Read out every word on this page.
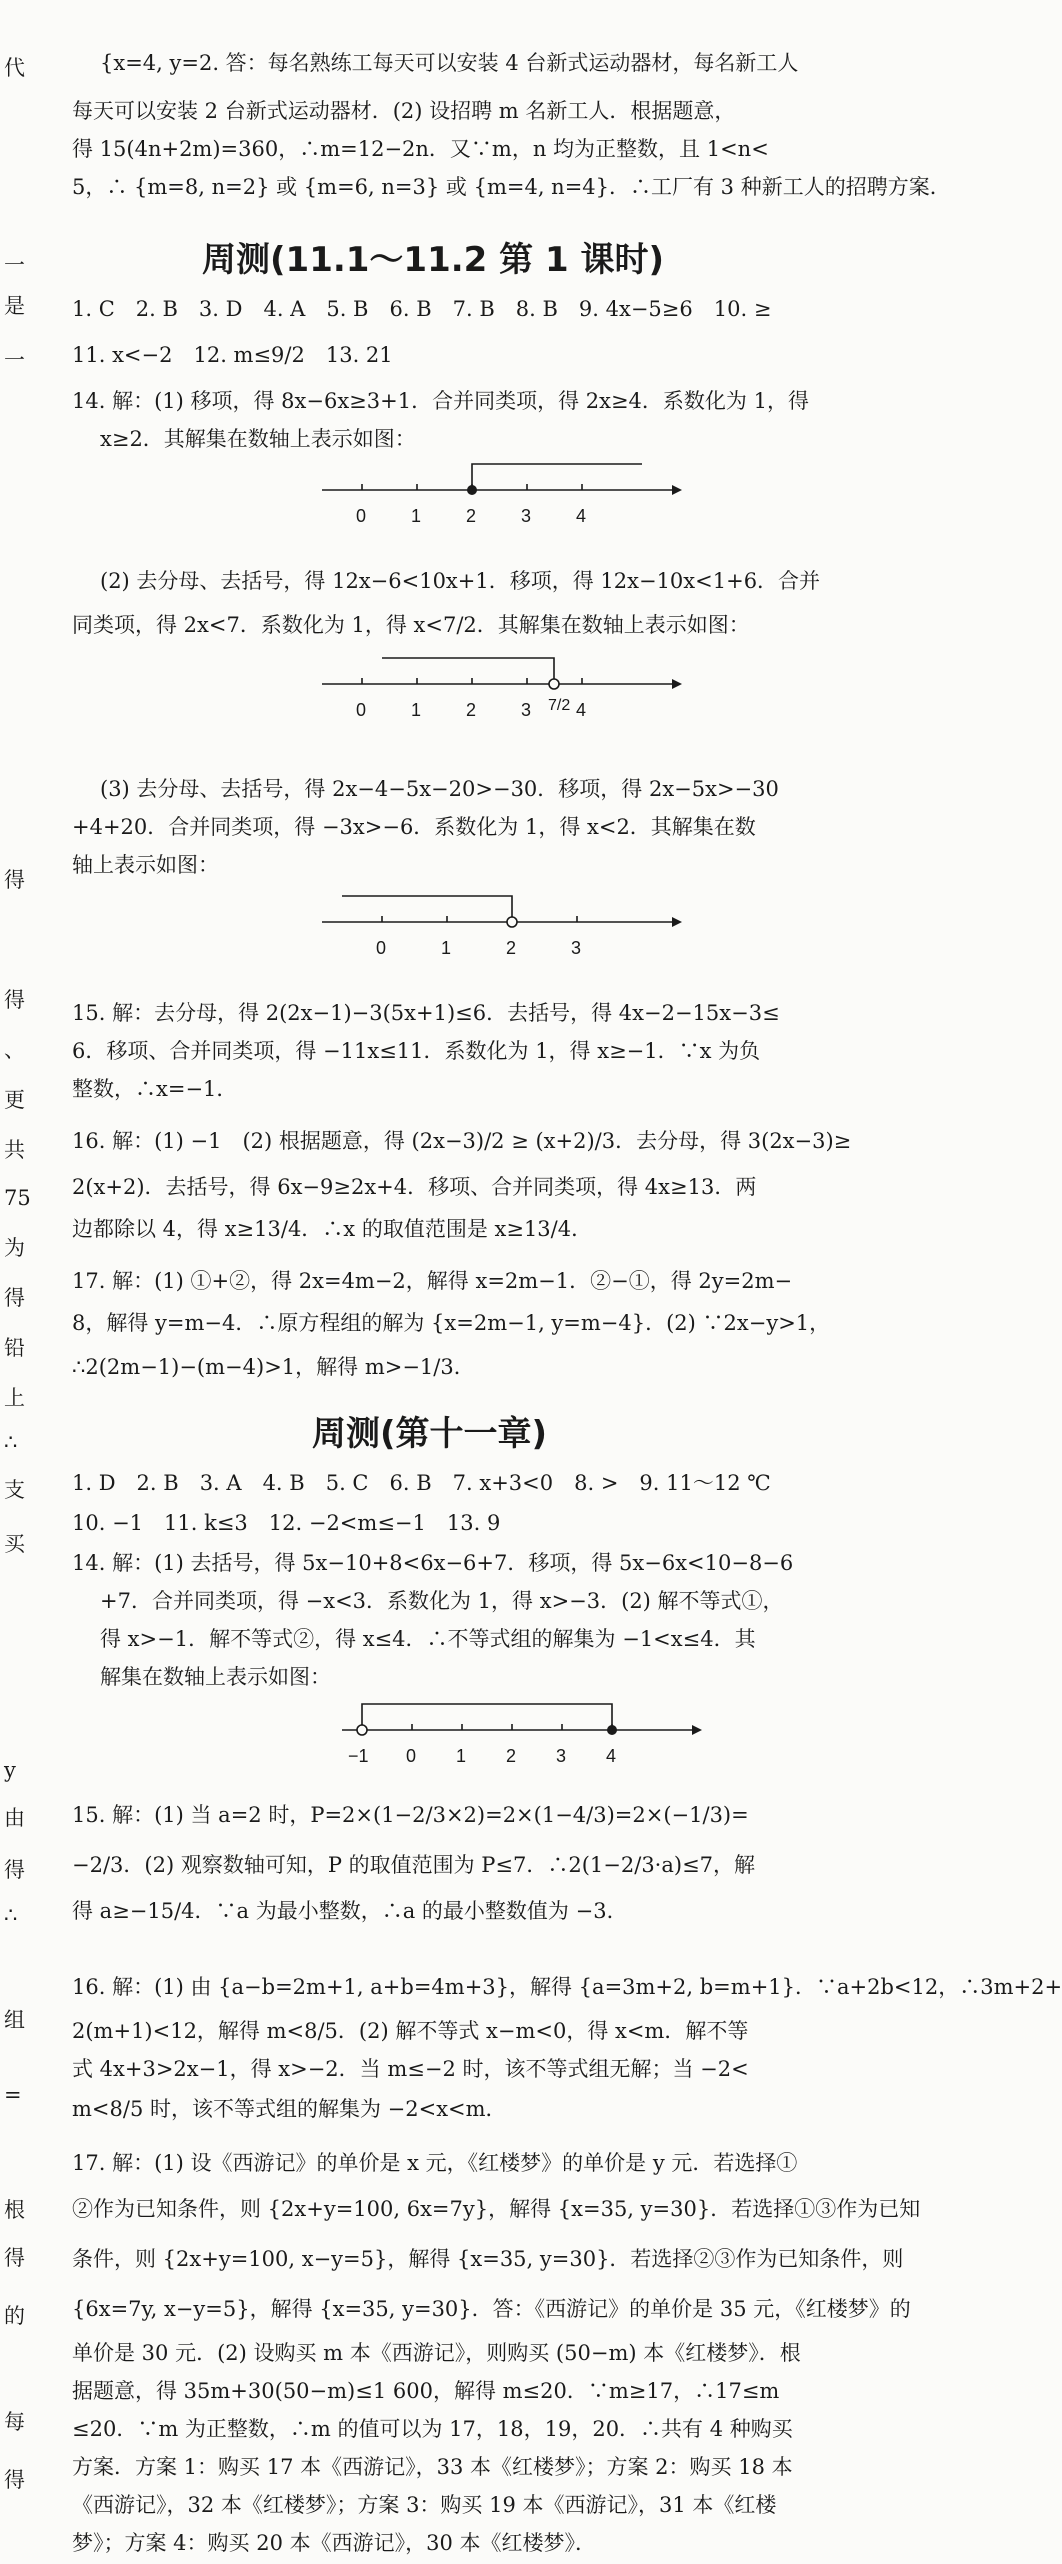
代
一
是
一
得
得
、
更
共
75
为
得
铅
上
∴
支
买
y
由
得
∴
组
=
根
得
的
每
得
{x=4, y=2. 答：每名熟练工每天可以安装 4 台新式运动器材，每名新工人
每天可以安装 2 台新式运动器材．(2) 设招聘 m 名新工人．根据题意，
得 15(4n+2m)=360，∴m=12−2n．又∵m，n 均为正整数，且 1<n<
5，∴ {m=8, n=2} 或 {m=6, n=3} 或 {m=4, n=4}．∴工厂有 3 种新工人的招聘方案．
周测(11.1～11.2 第 1 课时)
1. C　2. B　3. D　4. A　5. B　6. B　7. B　8. B　9. 4x−5≥6　10. ≥
11. x<−2　12. m≤9/2　13. 21
14. 解：(1) 移项，得 8x−6x≥3+1．合并同类项，得 2x≥4．系数化为 1，得
x≥2．其解集在数轴上表示如图：
0 1 2 3 4
(2) 去分母、去括号，得 12x−6<10x+1．移项，得 12x−10x<1+6．合并
同类项，得 2x<7．系数化为 1，得 x<7/2．其解集在数轴上表示如图：
0 1 2 3 7/2 4
(3) 去分母、去括号，得 2x−4−5x−20>−30．移项，得 2x−5x>−30
+4+20．合并同类项，得 −3x>−6．系数化为 1，得 x<2．其解集在数
轴上表示如图：
0	1	2	3
15. 解：去分母，得 2(2x−1)−3(5x+1)≤6．去括号，得 4x−2−15x−3≤
6．移项、合并同类项，得 −11x≤11．系数化为 1，得 x≥−1．∵x 为负
整数，∴x=−1．
16. 解：(1) −1　(2) 根据题意，得 (2x−3)/2 ≥ (x+2)/3．去分母，得 3(2x−3)≥
2(x+2)．去括号，得 6x−9≥2x+4．移项、合并同类项，得 4x≥13．两
边都除以 4，得 x≥13/4．∴x 的取值范围是 x≥13/4．
17. 解：(1) ①+②，得 2x=4m−2，解得 x=2m−1．②−①，得 2y=2m−
8，解得 y=m−4．∴原方程组的解为 {x=2m−1, y=m−4}．(2) ∵2x−y>1，
∴2(2m−1)−(m−4)>1，解得 m>−1/3．
周测(第十一章)
1. D　2. B　3. A　4. B　5. C　6. B　7. x+3<0　8. >　9. 11～12 ℃
10. −1　11. k≤3　12. −2<m≤−1　13. 9
14. 解：(1) 去括号，得 5x−10+8<6x−6+7．移项，得 5x−6x<10−8−6
+7．合并同类项，得 −x<3．系数化为 1，得 x>−3．(2) 解不等式①，
得 x>−1．解不等式②，得 x≤4．∴不等式组的解集为 −1<x≤4．其
解集在数轴上表示如图：
−1 0 1 2 3 4
15. 解：(1) 当 a=2 时，P=2×(1−2/3×2)=2×(1−4/3)=2×(−1/3)=
−2/3．(2) 观察数轴可知，P 的取值范围为 P≤7．∴2(1−2/3·a)≤7，解
得 a≥−15/4．∵a 为最小整数，∴a 的最小整数值为 −3．
16. 解：(1) 由 {a−b=2m+1, a+b=4m+3}，解得 {a=3m+2, b=m+1}．∵a+2b<12，∴3m+2+
2(m+1)<12，解得 m<8/5．(2) 解不等式 x−m<0，得 x<m．解不等
式 4x+3>2x−1，得 x>−2．当 m≤−2 时，该不等式组无解；当 −2<
m<8/5 时，该不等式组的解集为 −2<x<m．
17. 解：(1) 设《西游记》的单价是 x 元，《红楼梦》的单价是 y 元．若选择①
②作为已知条件，则 {2x+y=100, 6x=7y}，解得 {x=35, y=30}．若选择①③作为已知
条件，则 {2x+y=100, x−y=5}，解得 {x=35, y=30}．若选择②③作为已知条件，则
{6x=7y, x−y=5}，解得 {x=35, y=30}．答：《西游记》的单价是 35 元，《红楼梦》的
单价是 30 元．(2) 设购买 m 本《西游记》，则购买 (50−m) 本《红楼梦》．根
据题意，得 35m+30(50−m)≤1 600，解得 m≤20．∵m≥17，∴17≤m
≤20．∵m 为正整数，∴m 的值可以为 17，18，19，20．∴共有 4 种购买
方案．方案 1：购买 17 本《西游记》，33 本《红楼梦》；方案 2：购买 18 本
《西游记》，32 本《红楼梦》；方案 3：购买 19 本《西游记》，31 本《红楼
梦》；方案 4：购买 20 本《西游记》，30 本《红楼梦》．
